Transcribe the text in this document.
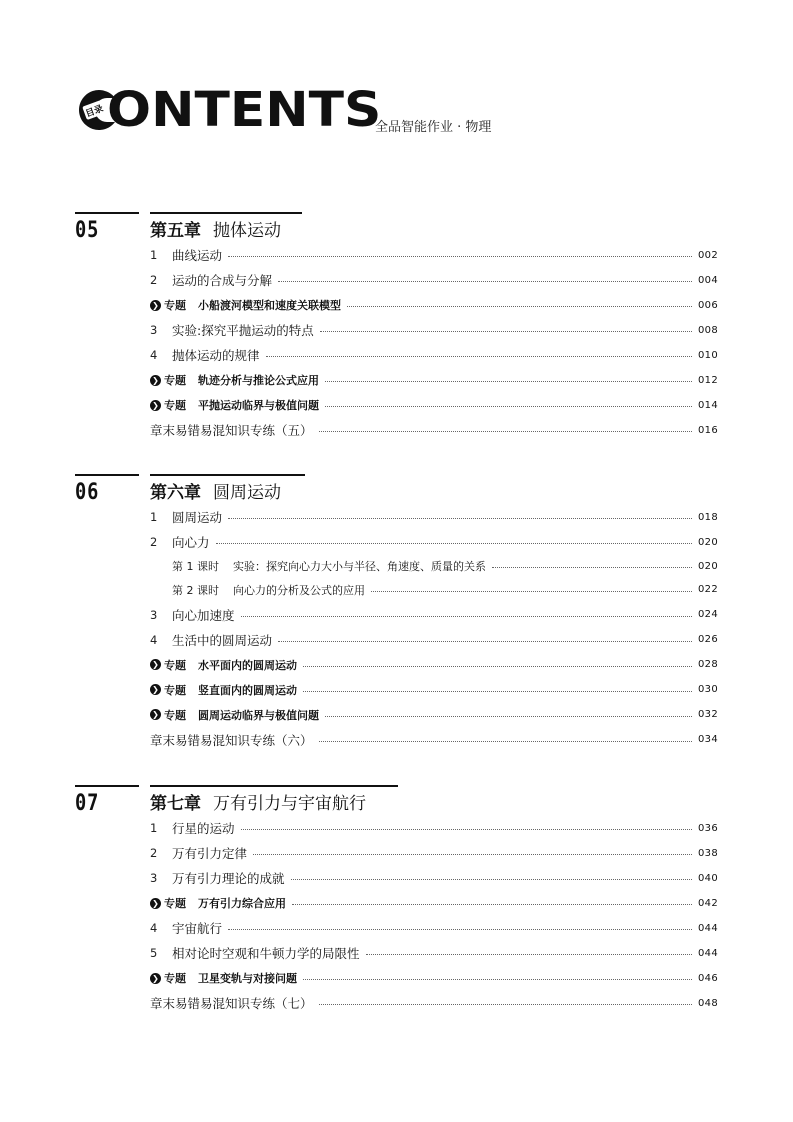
目录 ONTENTS
全品智能作业 · 物理
05	第五章 抛体运动
1	曲线运动	002
2	运动的合成与分解	004
❯ 专题 小船渡河模型和速度关联模型	006
3	实验:探究平抛运动的特点	008
4	抛体运动的规律	010
❯ 专题 轨迹分析与推论公式应用	012
❯ 专题 平抛运动临界与极值问题	014
章末易错易混知识专练（五）	016
06	第六章 圆周运动
1	圆周运动	018
2	向心力	020
第 1 课时 实验：探究向心力大小与半径、角速度、质量的关系	020
第 2 课时 向心力的分析及公式的应用	022
3	向心加速度	024
4	生活中的圆周运动	026
❯ 专题 水平面内的圆周运动	028
❯ 专题 竖直面内的圆周运动	030
❯ 专题 圆周运动临界与极值问题	032
章末易错易混知识专练（六）	034
07	第七章 万有引力与宇宙航行
1	行星的运动	036
2	万有引力定律	038
3	万有引力理论的成就	040
❯ 专题 万有引力综合应用	042
4	宇宙航行	044
5	相对论时空观和牛顿力学的局限性	044
❯ 专题 卫星变轨与对接问题	046
章末易错易混知识专练（七）	048
